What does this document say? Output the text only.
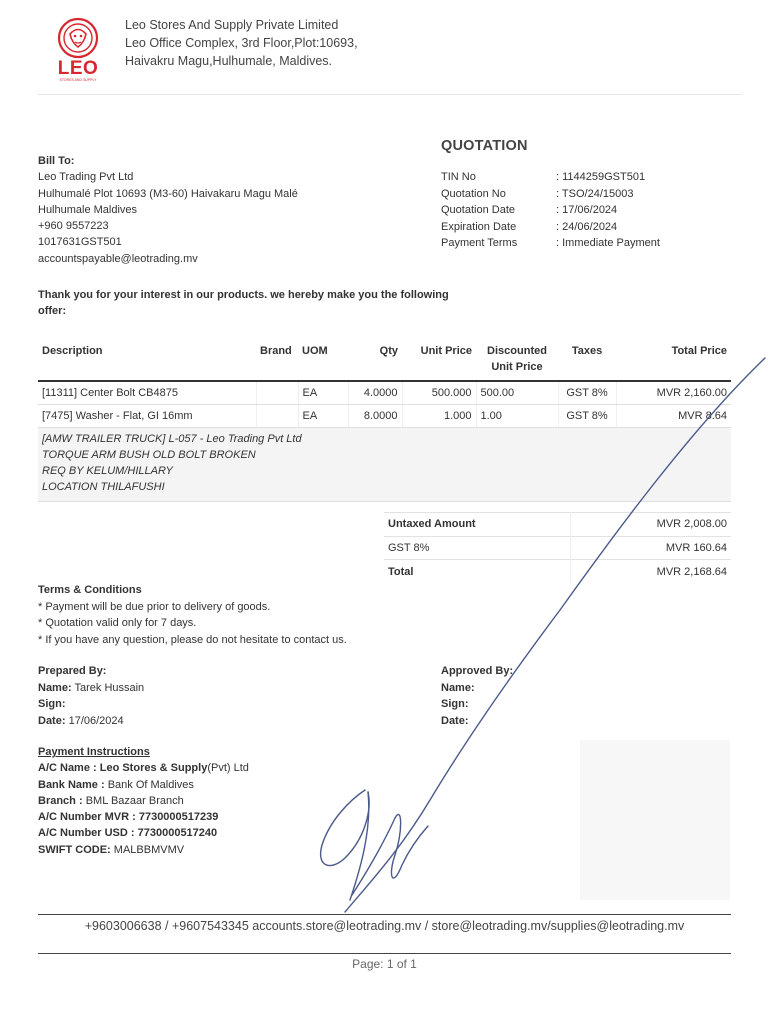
LEO
STORES AND SUPPLY
Leo Stores And Supply Private Limited
Leo Office Complex, 3rd Floor,Plot:10693,
Haivakru Magu,Hulhumale, Maldives.
Bill To:
Leo Trading Pvt Ltd
Hulhumalé Plot 10693 (M3-60) Haivakaru Magu Malé
Hulhumale Maldives
+960 9557223
1017631GST501
accountspayable@leotrading.mv
QUOTATION
TIN No	: 1144259GST501
Quotation No	: TSO/24/15003
Quotation Date	: 17/06/2024
Expiration Date	: 24/06/2024
Payment Terms	: Immediate Payment
Thank you for your interest in our products. we hereby make you the following offer:
Description	Brand	UOM	Qty	Unit Price	Discounted Unit Price	Taxes	Total Price
[11311] Center Bolt CB4875		EA	4.0000	500.000	500.00	GST 8%	MVR 2,160.00
[7475] Washer - Flat, GI 16mm		EA	8.0000	1.000	1.00	GST 8%	MVR 8.64

[AMW TRAILER TRUCK] L-057 - Leo Trading Pvt Ltd
TORQUE ARM BUSH OLD BOLT BROKEN
REQ BY KELUM/HILLARY
LOCATION THILAFUSHI							
Untaxed Amount	MVR 2,008.00
GST 8%	MVR 160.64
Total	MVR 2,168.64
Terms & Conditions
* Payment will be due prior to delivery of goods.
* Quotation valid only for 7 days.
* If you have any question, please do not hesitate to contact us.
Prepared By:
Name: Tarek Hussain
Sign:
Date: 17/06/2024
Approved By:
Name:
Sign:
Date:
Payment Instructions
A/C Name : Leo Stores & Supply(Pvt) Ltd
Bank Name : Bank Of Maldives
Branch : BML Bazaar Branch
A/C Number MVR : 7730000517239
A/C Number USD : 7730000517240
SWIFT CODE: MALBBMVMV
+9603006638 / +9607543345 accounts.store@leotrading.mv / store@leotrading.mv/supplies@leotrading.mv
Page: 1 of 1
